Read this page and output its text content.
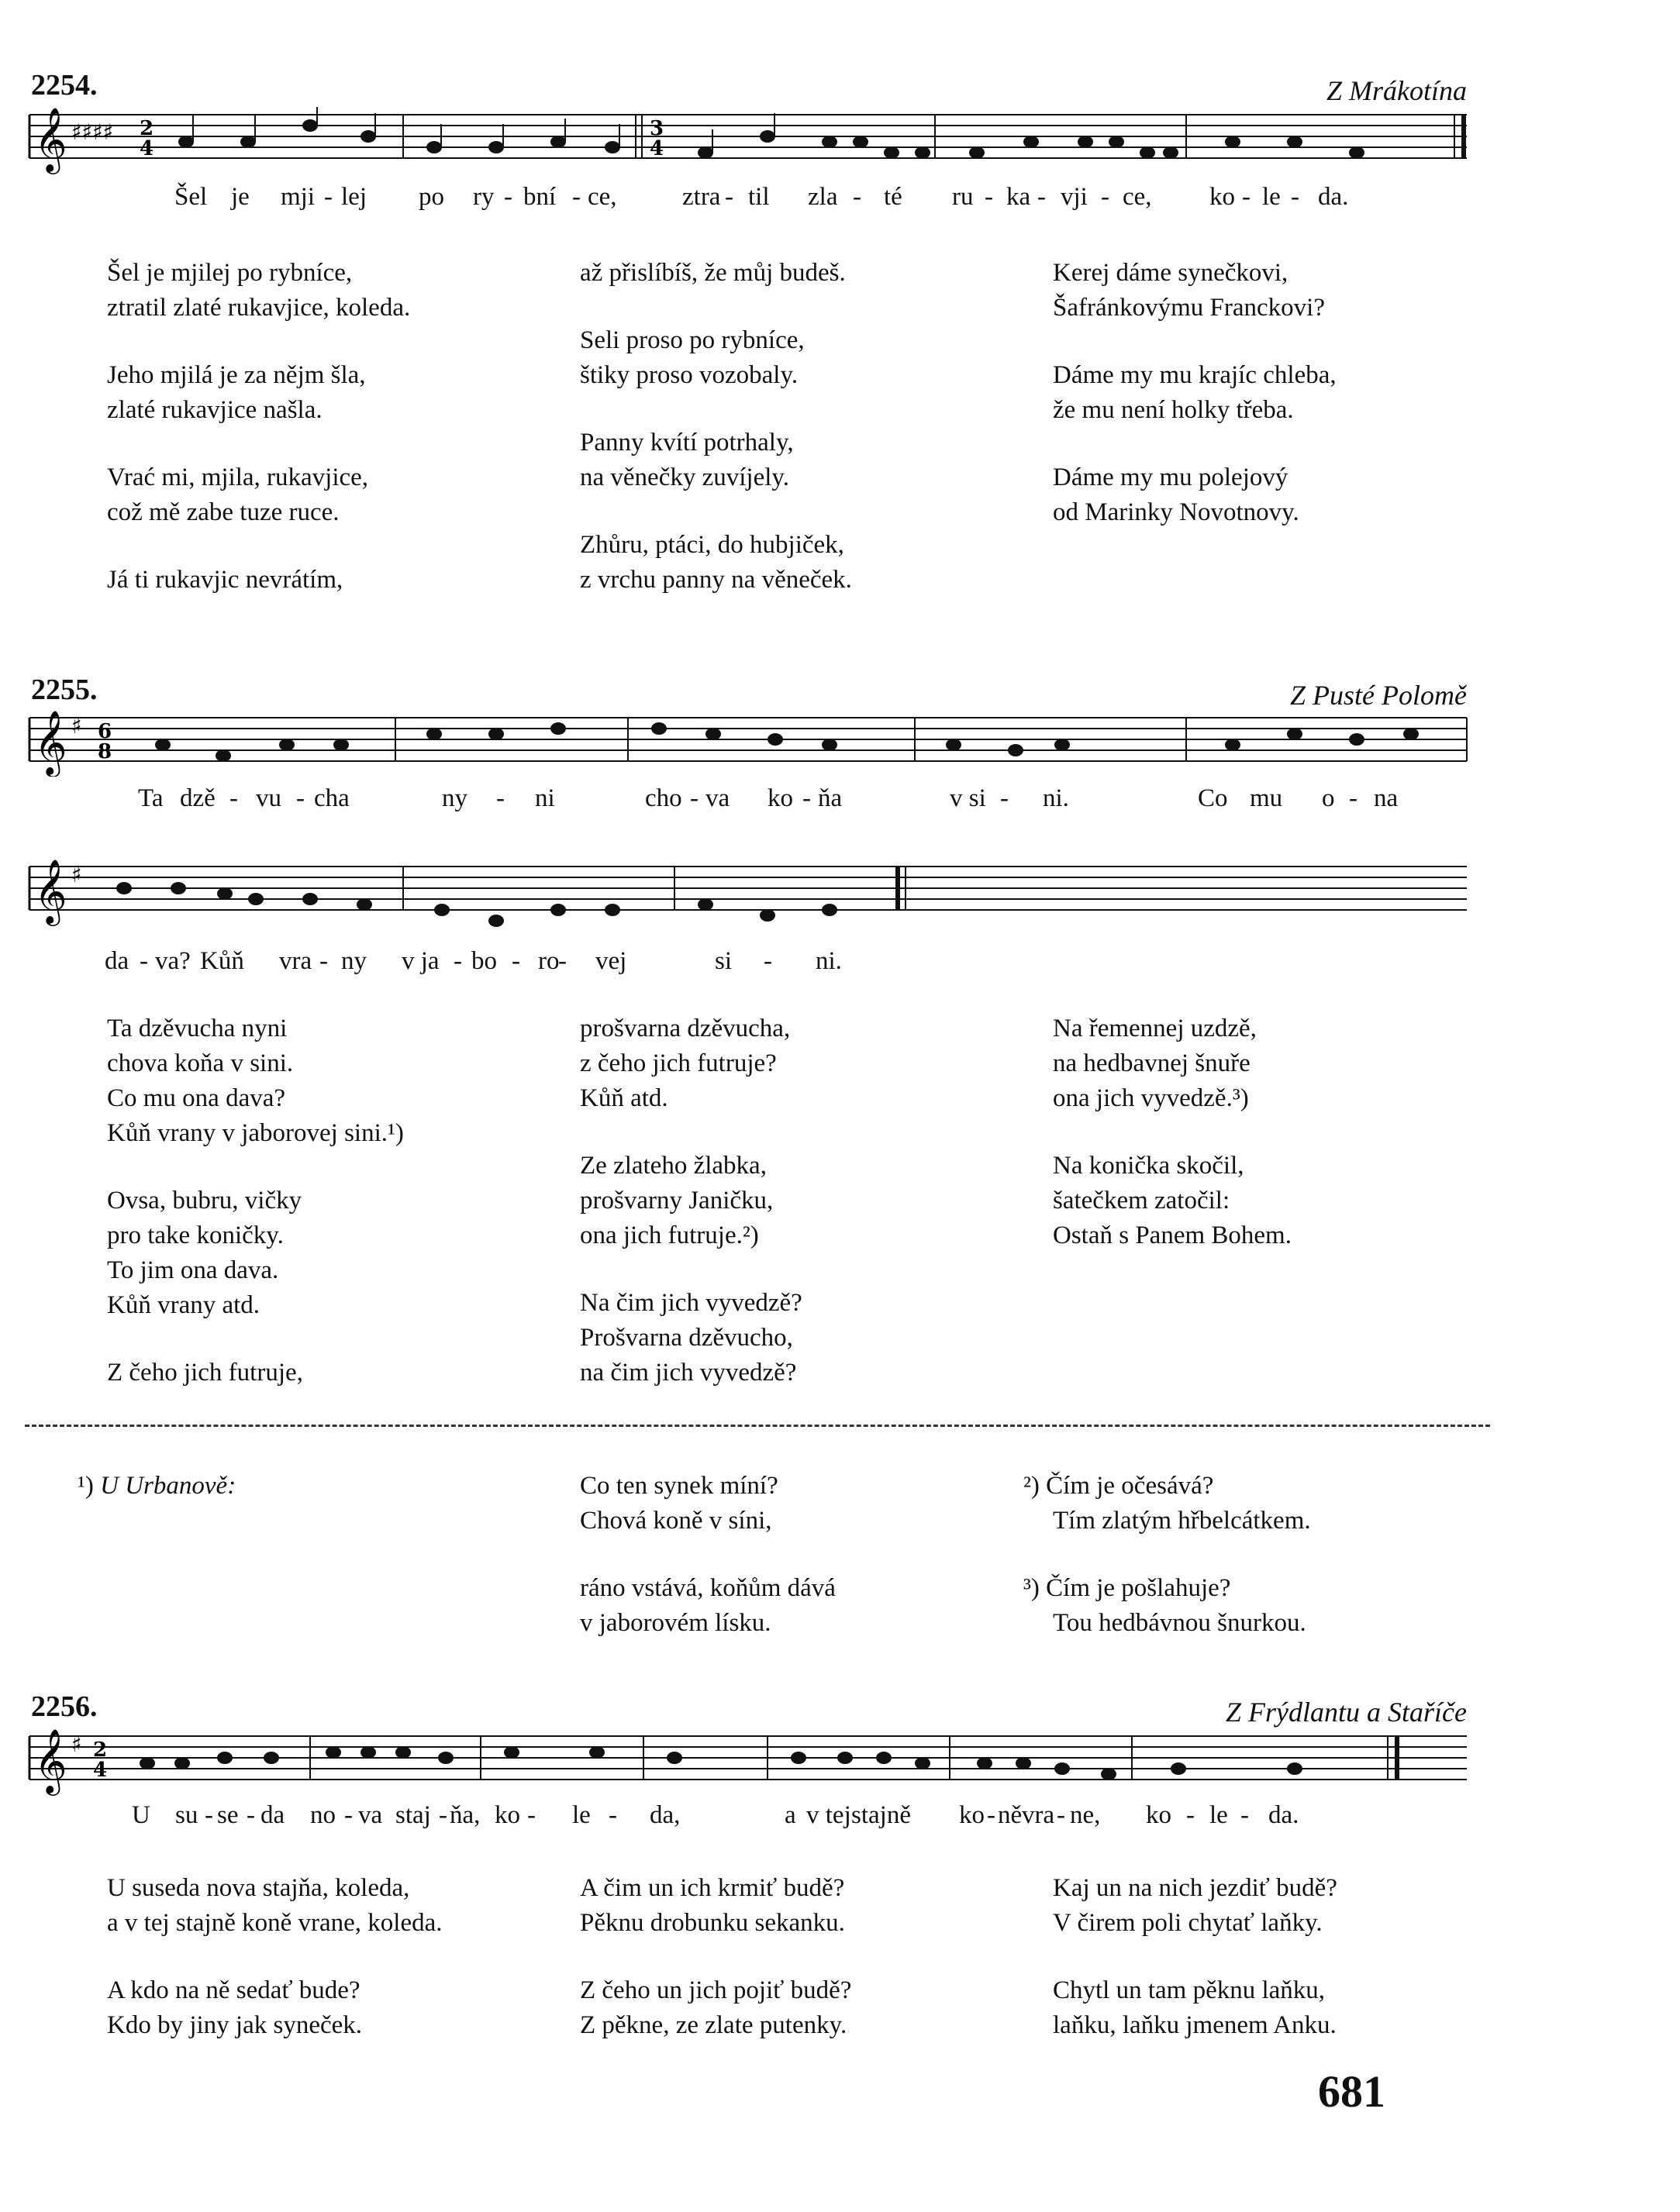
2254.	Z Mrákotína
𝄞 ♯♯♯♯ 2
4
3
4
Šel je mji - lej po ry - bní - ce,	ztra - til zla - té ru - ka - vji - ce, ko - le - da.
Šel je mjilej po rybníce,
ztratil zlaté rukavjice, koleda.
Jeho mjilá je za nějm šla,
zlaté rukavjice našla.
Vrać mi, mjila, rukavjice,
což mě zabe tuze ruce.
Já ti rukavjic nevrátím,
až přislíbíš, že můj budeš.
Seli proso po rybníce,
štiky proso vozobaly.
Panny kvítí potrhaly,
na věnečky zuvíjely.
Zhůru, ptáci, do hubjiček,
z vrchu panny na věneček.
Kerej dáme synečkovi,
Šafránkovýmu Franckovi?
Dáme my mu krajíc chleba,
že mu není holky třeba.
Dáme my mu polejový
od Marinky Novotnovy.
2255.	Z Pusté Polomě
𝄞 ♯ 6
8
Ta dzě - vu - cha	ny - ni	cho - va ko - ňa	v si - ni.	Co mu o - na
𝄞 ♯
da - va? Kůň vra - ny v ja - bo - ro
- vej	si - ni.
Ta dzěvucha nyni
chova koňa v sini.
Co mu ona dava?
Kůň vrany v jaborovej sini.¹)
Ovsa, bubru, vičky
pro take koničky.
To jim ona dava.
Kůň vrany atd.
Z čeho jich futruje,
prošvarna dzěvucha,
z čeho jich futruje?
Kůň atd.
Ze zlateho žlabka,
prošvarny Janičku,
ona jich futruje.²)
Na čim jich vyvedzě?
Prošvarna dzěvucho,
na čim jich vyvedzě?
Na řemennej uzdzě,
na hedbavnej šnuře
ona jich vyvedzě.³)
Na konička skočil,
šatečkem zatočil:
Ostaň s Panem Bohem.
¹) U Urbanově:	Co ten synek míní?
Chová koně v síni,
ráno vstává, koňům dává
v jaborovém lísku.
²) Čím je očesává?
Tím zlatým hřbelcátkem.
³) Čím je pošlahuje?
Tou hedbávnou šnurkou.
2256.	Z Frýdlantu a Staříče
𝄞 ♯ 2
4
U su - se - da no - va staj - ňa, ko - le - da,	a v tej stajně ko - ně vra - ne, ko - le - da.
U suseda nova stajňa, koleda,
a v tej stajně koně vrane, koleda.
A kdo na ně sedať bude?
Kdo by jiny jak syneček.
A čim un ich krmiť budě?
Pěknu drobunku sekanku.
Z čeho un jich pojiť budě?
Z pěkne, ze zlate putenky.
Kaj un na nich jezdiť budě?
V čirem poli chytať laňky.
Chytl un tam pěknu laňku,
laňku, laňku jmenem Anku.
681
